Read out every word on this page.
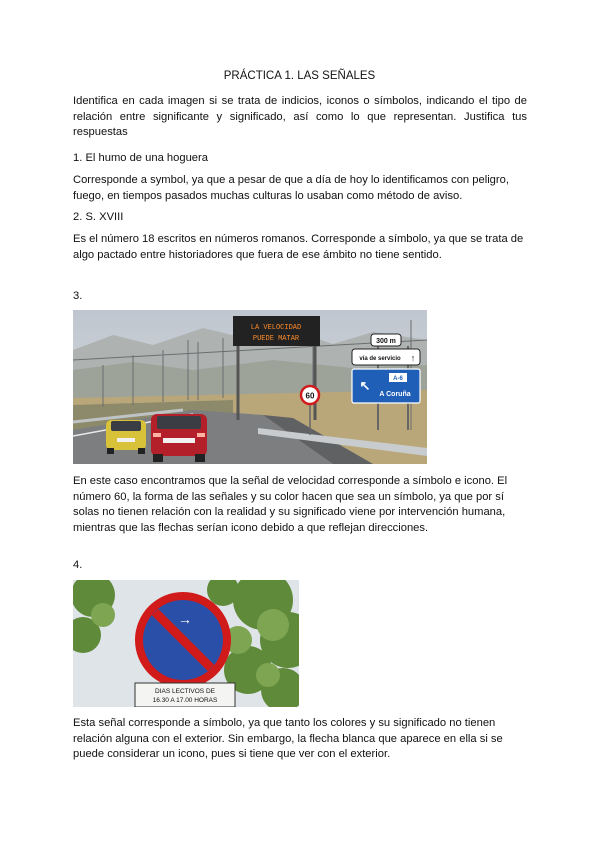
PRÁCTICA 1. LAS SEÑALES
Identifica en cada imagen si se trata de indicios, iconos o símbolos, indicando el tipo de relación entre significante y significado, así como lo que representan. Justifica tus respuestas
1. El humo de una hoguera
Corresponde a symbol, ya que a pesar de que a día de hoy lo identificamos con peligro, fuego, en tiempos pasados muchas culturas lo usaban como método de aviso.
2. S. XVIII
Es el número 18 escritos en números romanos. Corresponde a símbolo, ya que se trata de algo pactado entre historiadores que fuera de ese ámbito no tiene sentido.
3.
LA VELOCIDAD
PUEDE MATAR
60
300 m
vía de servicio ↑
↖	A-6
A Coruña
En este caso encontramos que la señal de velocidad corresponde a símbolo e icono. El número 60, la forma de las señales y su color hacen que sea un símbolo, ya que por sí solas no tienen relación con la realidad y su significado viene por intervención humana, mientras que las flechas serían icono debido a que reflejan direcciones.
4.
→
DIAS LECTIVOS DE
16.30 A 17.00 HORAS
Esta señal corresponde a símbolo, ya que tanto los colores y su significado no tienen relación alguna con el exterior. Sin embargo, la flecha blanca que aparece en ella si se puede considerar un icono, pues si tiene que ver con el exterior.
